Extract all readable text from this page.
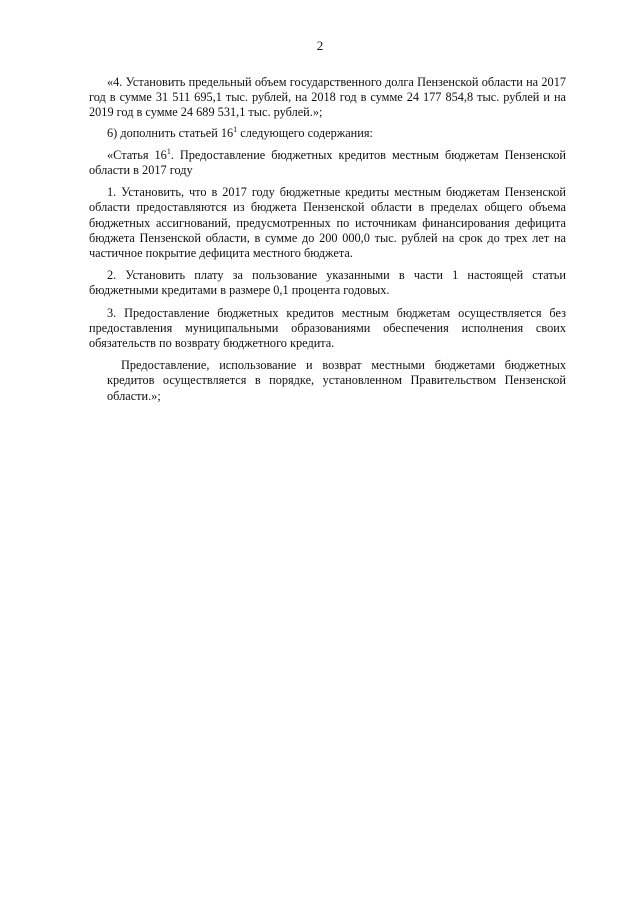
2

«4. Установить предельный объем государственного долга Пензенской области на 2017 год в сумме 31 511 695,1 тыс. рублей, на 2018 год в сумме 24 177 854,8 тыс. рублей и на 2019 год в сумме 24 689 531,1 тыс. рублей.»;

6) дополнить статьей $16^1$ следующего содержания:

«Статья $16^1$. Предоставление бюджетных кредитов местным бюджетам Пензенской области в 2017 году

1. Установить, что в 2017 году бюджетные кредиты местным бюджетам Пензенской области предоставляются из бюджета Пензенской области в пределах общего объема бюджетных ассигнований, предусмотренных по источникам финансирования дефицита бюджета Пензенской области, в сумме до 200 000,0 тыс. рублей на срок до трех лет на частичное покрытие дефицита местного бюджета.

2. Установить плату за пользование указанными в части 1 настоящей статьи бюджетными кредитами в размере 0,1 процента годовых.

3. Предоставление бюджетных кредитов местным бюджетам осуществляется без предоставления муниципальными образованиями обеспечения исполнения своих обязательств по возврату бюджетного кредита.

Предоставление, использование и возврат местными бюджетами бюджетных кредитов осуществляется в порядке, установленном Правительством Пензенской области.»;
